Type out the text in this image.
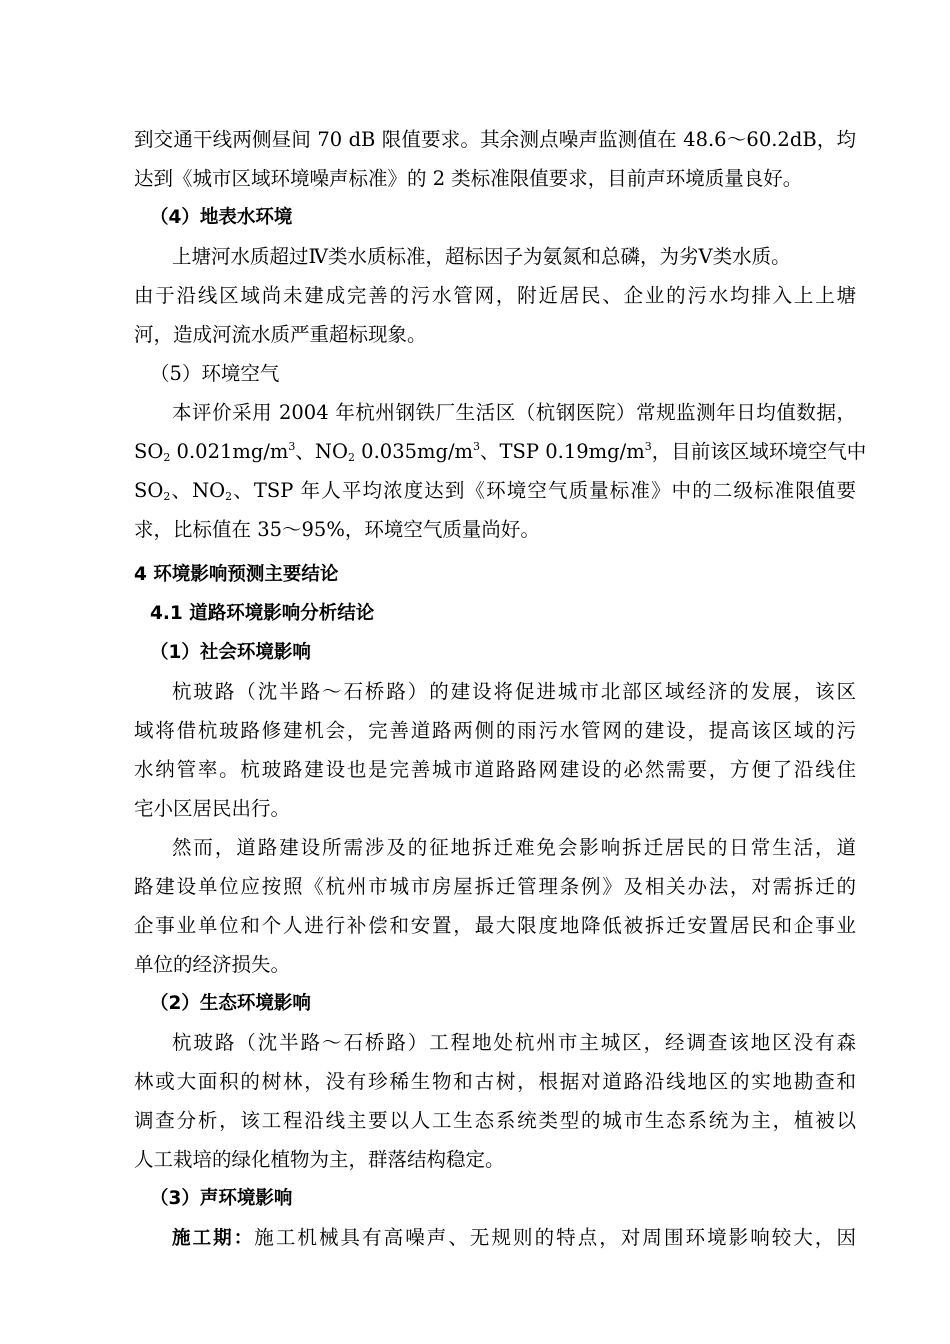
到交通干线两侧昼间 70 dB 限值要求。其余测点噪声监测值在 48.6～60.2dB，均
达到《城市区域环境噪声标准》的 2 类标准限值要求，目前声环境质量良好。
（4）地表水环境
上塘河水质超过Ⅳ类水质标准，超标因子为氨氮和总磷，为劣Ⅴ类水质。
由于沿线区域尚未建成完善的污水管网，附近居民、企业的污水均排入上上塘
河，造成河流水质严重超标现象。
（5）环境空气
本评价采用 2004 年杭州钢铁厂生活区（杭钢医院）常规监测年日均值数据，
$SO_2$ $0.021mg/m^3$、$NO_2$ $0.035mg/m^3$、TSP $0.19mg/m^3$，目前该区域环境空气中
$SO_2$、$NO_2$、TSP 年人平均浓度达到《环境空气质量标准》中的二级标准限值要
求，比标值在 35～95%，环境空气质量尚好。
4 环境影响预测主要结论
4.1 道路环境影响分析结论
（1）社会环境影响
杭玻路（沈半路～石桥路）的建设将促进城市北部区域经济的发展，该区
域将借杭玻路修建机会，完善道路两侧的雨污水管网的建设，提高该区域的污
水纳管率。杭玻路建设也是完善城市道路路网建设的必然需要，方便了沿线住
宅小区居民出行。
然而，道路建设所需涉及的征地拆迁难免会影响拆迁居民的日常生活，道
路建设单位应按照《杭州市城市房屋拆迁管理条例》及相关办法，对需拆迁的
企事业单位和个人进行补偿和安置，最大限度地降低被拆迁安置居民和企事业
单位的经济损失。
（2）生态环境影响
杭玻路（沈半路～石桥路）工程地处杭州市主城区，经调查该地区没有森
林或大面积的树林，没有珍稀生物和古树，根据对道路沿线地区的实地勘查和
调查分析，该工程沿线主要以人工生态系统类型的城市生态系统为主，植被以
人工栽培的绿化植物为主，群落结构稳定。
（3）声环境影响
施工期：施工机械具有高噪声、无规则的特点，对周围环境影响较大，因
